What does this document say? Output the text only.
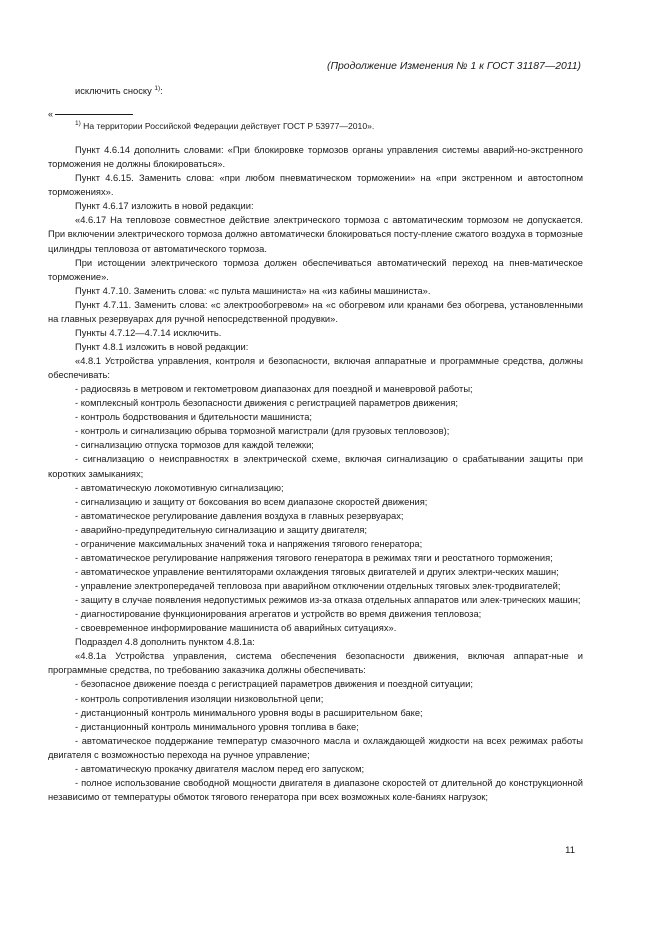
(Продолжение Изменения № 1 к ГОСТ 31187—2011)

исключить сноску $^{1)}$:

«

$^{1)}$ На территории Российской Федерации действует ГОСТ Р 53977—2010».

Пункт 4.6.14 дополнить словами: «При блокировке тормозов органы управления системы аварий-но-экстренного торможения не должны блокироваться».

Пункт 4.6.15. Заменить слова: «при любом пневматическом торможении» на «при экстренном и автостопном торможениях».

Пункт 4.6.17 изложить в новой редакции:

«4.6.17 На тепловозе совместное действие электрического тормоза с автоматическим тормозом не допускается. При включении электрического тормоза должно автоматически блокироваться посту-пление сжатого воздуха в тормозные цилиндры тепловоза от автоматического тормоза.

При истощении электрического тормоза должен обеспечиваться автоматический переход на пнев-матическое торможение».

Пункт 4.7.10. Заменить слова: «с пульта машиниста» на «из кабины машиниста».

Пункт 4.7.11. Заменить слова: «с электрообогревом» на «с обогревом или кранами без обогрева, установленными на главных резервуарах для ручной непосредственной продувки».

Пункты 4.7.12—4.7.14 исключить.

Пункт 4.8.1 изложить в новой редакции:

«4.8.1 Устройства управления, контроля и безопасности, включая аппаратные и программные средства, должны обеспечивать:

- радиосвязь в метровом и гектометровом диапазонах для поездной и маневровой работы;

- комплексный контроль безопасности движения с регистрацией параметров движения;

- контроль бодрствования и бдительности машиниста;

- контроль и сигнализацию обрыва тормозной магистрали (для грузовых тепловозов);

- сигнализацию отпуска тормозов для каждой тележки;

- сигнализацию о неисправностях в электрической схеме, включая сигнализацию о срабатывании защиты при коротких замыканиях;

- автоматическую локомотивную сигнализацию;

- сигнализацию и защиту от боксования во всем диапазоне скоростей движения;

- автоматическое регулирование давления воздуха в главных резервуарах;

- аварийно-предупредительную сигнализацию и защиту двигателя;

- ограничение максимальных значений тока и напряжения тягового генератора;

- автоматическое регулирование напряжения тягового генератора в режимах тяги и реостатного торможения;

- автоматическое управление вентиляторами охлаждения тяговых двигателей и других электри-ческих машин;

- управление электропередачей тепловоза при аварийном отключении отдельных тяговых элек-тродвигателей;

- защиту в случае появления недопустимых режимов из-за отказа отдельных аппаратов или элек-трических машин;

- диагностирование функционирования агрегатов и устройств во время движения тепловоза;

- своевременное информирование машиниста об аварийных ситуациях».

Подраздел 4.8 дополнить пунктом 4.8.1а:

«4.8.1а Устройства управления, система обеспечения безопасности движения, включая аппарат-ные и программные средства, по требованию заказчика должны обеспечивать:

- безопасное движение поезда с регистрацией параметров движения и поездной ситуации;

- контроль сопротивления изоляции низковольтной цепи;

- дистанционный контроль минимального уровня воды в расширительном баке;

- дистанционный контроль минимального уровня топлива в баке;

- автоматическое поддержание температур смазочного масла и охлаждающей жидкости на всех режимах работы двигателя с возможностью перехода на ручное управление;

- автоматическую прокачку двигателя маслом перед его запуском;

- полное использование свободной мощности двигателя в диапазоне скоростей от длительной до конструкционной независимо от температуры обмоток тягового генератора при всех возможных коле-баниях нагрузок;

11
